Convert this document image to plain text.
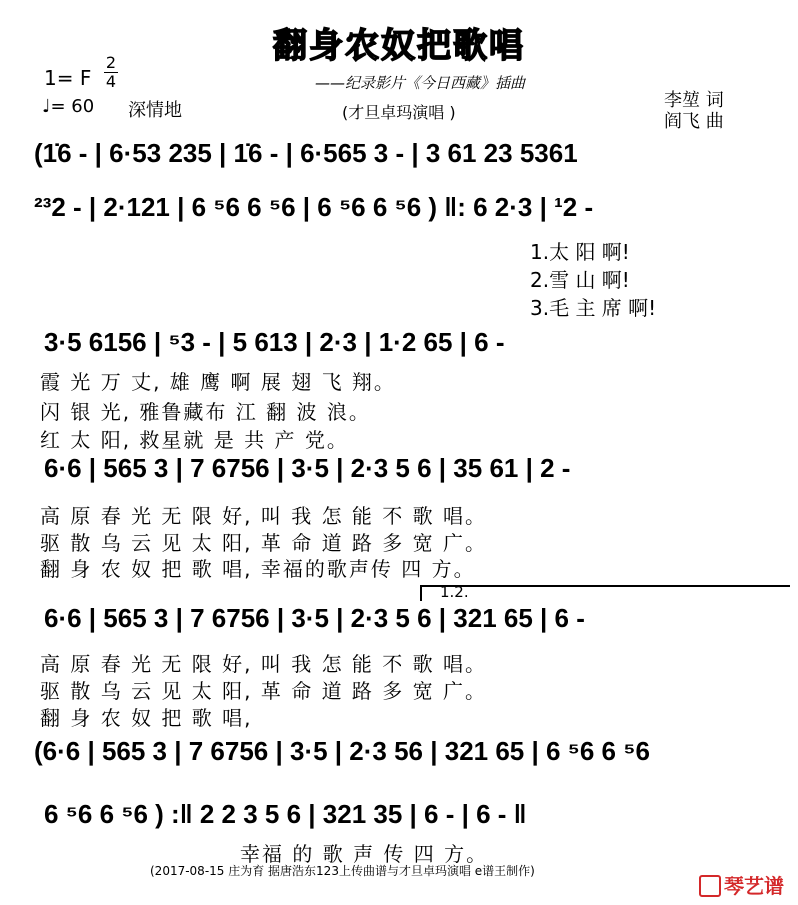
翻身农奴把歌唱
——纪录影片《今日西藏》插曲
(才旦卓玛演唱 )
1= F
2
4
♩= 60 深情地	李堃 词
阎飞 曲
(1̇6 - | 6·53 235 | 1̇6 - | 6·565 3 - | 3 61 23 5361
²³2 - | 2·121 | 6 ⁵6 6 ⁵6 | 6 ⁵6 6 ⁵6 ) ‖: 6 2·3 | ¹2 -
3·5 6156 | ⁵3 - | 5 613 | 2·3 | 1·2 65 | 6 -
6·6 | 565 3 | 7 6756 | 3·5 | 2·3 5 6 | 35 61 | 2 -
6·6 | 565 3 | 7 6756 | 3·5 | 2·3 5 6 | 321 65 | 6 -
(6·6 | 565 3 | 7 6756 | 3·5 | 2·3 56 | 321 65 | 6 ⁵6 6 ⁵6
6 ⁵6 6 ⁵6 ) :‖ 2 2 3 5 6 | 321 35 | 6 - | 6 - ‖
1.太 阳 啊!
2.雪 山 啊!
3.毛 主 席 啊!
霞 光 万 丈, 雄 鹰 啊 展 翅 飞 翔。
闪 银 光, 雅鲁藏布 江 翻 波 浪。
红 太 阳, 救星就 是 共 产 党。
高 原 春 光 无 限 好, 叫 我 怎 能 不 歌 唱。
驱 散 乌 云 见 太 阳, 革 命 道 路 多 宽 广。
翻 身 农 奴 把 歌 唱, 幸福的歌声传 四 方。
1.2.
高 原 春 光 无 限 好, 叫 我 怎 能 不 歌 唱。
驱 散 乌 云 见 太 阳, 革 命 道 路 多 宽 广。
翻 身 农 奴 把 歌 唱,
幸福 的 歌 声 传 四 方。
(2017-08-15 庄为育 据唐浩东123上传曲谱与才旦卓玛演唱 e谱王制作)
琴艺谱
